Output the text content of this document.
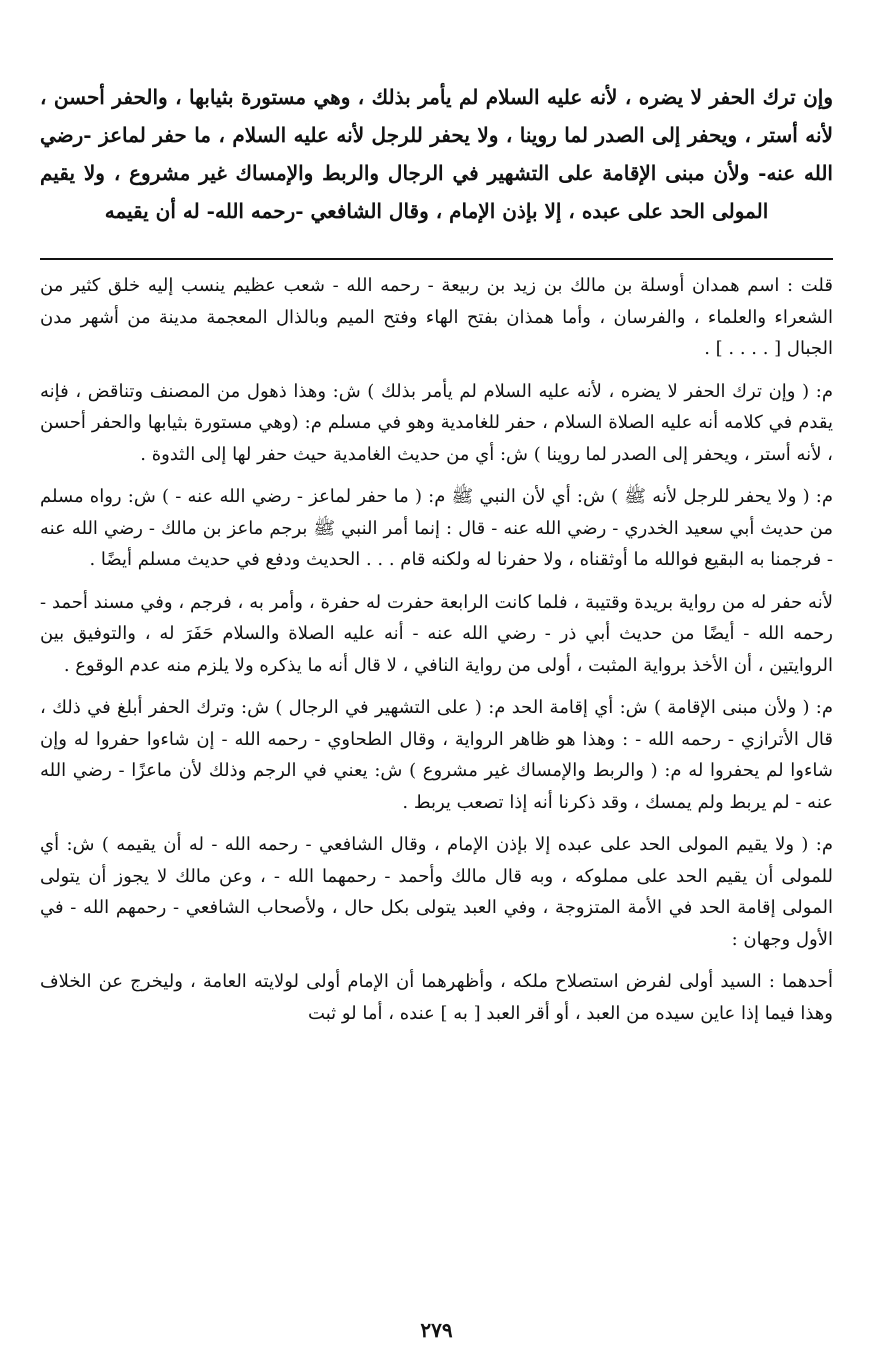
وإن ترك الحفر لا يضره ، لأنه عليه السلام لم يأمر بذلك ، وهي مستورة بثيابها ، والحفر أحسن ، لأنه أستر ، ويحفر إلى الصدر لما روينا ، ولا يحفر للرجل لأنه عليه السلام ، ما حفر لماعز -رضي الله عنه- ولأن مبنى الإقامة على التشهير في الرجال والربط والإمساك غير مشروع ، ولا يقيم المولى الحد على عبده ، إلا بإذن الإمام ، وقال الشافعي -رحمه الله- له أن يقيمه

قلت : اسم همدان أوسلة بن مالك بن زيد بن ربيعة - رحمه الله - شعب عظيم ينسب إليه خلق كثير من الشعراء والعلماء ، والفرسان ، وأما همذان بفتح الهاء وفتح الميم وبالذال المعجمة مدينة من أشهر مدن الجبال [ . . . . ] .

م: ( وإن ترك الحفر لا يضره ، لأنه عليه السلام لم يأمر بذلك ) ش: وهذا ذهول من المصنف وتناقض ، فإنه يقدم في كلامه أنه عليه الصلاة السلام ، حفر للغامدية وهو في مسلم م: (وهي مستورة بثيابها والحفر أحسن ، لأنه أستر ، ويحفر إلى الصدر لما روينا ) ش: أي من حديث الغامدية حيث حفر لها إلى الثدوة .

م: ( ولا يحفر للرجل لأنه ﷺ ) ش: أي لأن النبي ﷺ م: ( ما حفر لماعز - رضي الله عنه - ) ش: رواه مسلم من حديث أبي سعيد الخدري - رضي الله عنه - قال : إنما أمر النبي ﷺ برجم ماعز بن مالك - رضي الله عنه - فرجمنا به البقيع فوالله ما أوثقناه ، ولا حفرنا له ولكنه قام . . . الحديث ودفع في حديث مسلم أيضًا .

لأنه حفر له من رواية بريدة وقتيبة ، فلما كانت الرابعة حفرت له حفرة ، وأمر به ، فرجم ، وفي مسند أحمد - رحمه الله - أيضًا من حديث أبي ذر - رضي الله عنه - أنه عليه الصلاة والسلام حَفَرَ له ، والتوفيق بين الروايتين ، أن الأخذ برواية المثبت ، أولى من رواية النافي ، لا قال أنه ما يذكره ولا يلزم منه عدم الوقوع .

م: ( ولأن مبنى الإقامة ) ش: أي إقامة الحد م: ( على التشهير في الرجال ) ش: وترك الحفر أبلغ في ذلك ، قال الأترازي - رحمه الله - : وهذا هو ظاهر الرواية ، وقال الطحاوي - رحمه الله - إن شاءوا حفروا له وإن شاءوا لم يحفروا له م: ( والربط والإمساك غير مشروع ) ش: يعني في الرجم وذلك لأن ماعزًا - رضي الله عنه - لم يربط ولم يمسك ، وقد ذكرنا أنه إذا تصعب يربط .

م: ( ولا يقيم المولى الحد على عبده إلا بإذن الإمام ، وقال الشافعي - رحمه الله - له أن يقيمه ) ش: أي للمولى أن يقيم الحد على مملوكه ، وبه قال مالك وأحمد - رحمهما الله - ، وعن مالك لا يجوز أن يتولى المولى إقامة الحد في الأمة المتزوجة ، وفي العبد يتولى بكل حال ، ولأصحاب الشافعي - رحمهم الله - في الأول وجهان :

أحدهما : السيد أولى لفرض استصلاح ملكه ، وأظهرهما أن الإمام أولى لولايته العامة ، وليخرج عن الخلاف وهذا فيما إذا عاين سيده من العبد ، أو أقر العبد [ به ] عنده ، أما لو ثبت

٢٧٩
